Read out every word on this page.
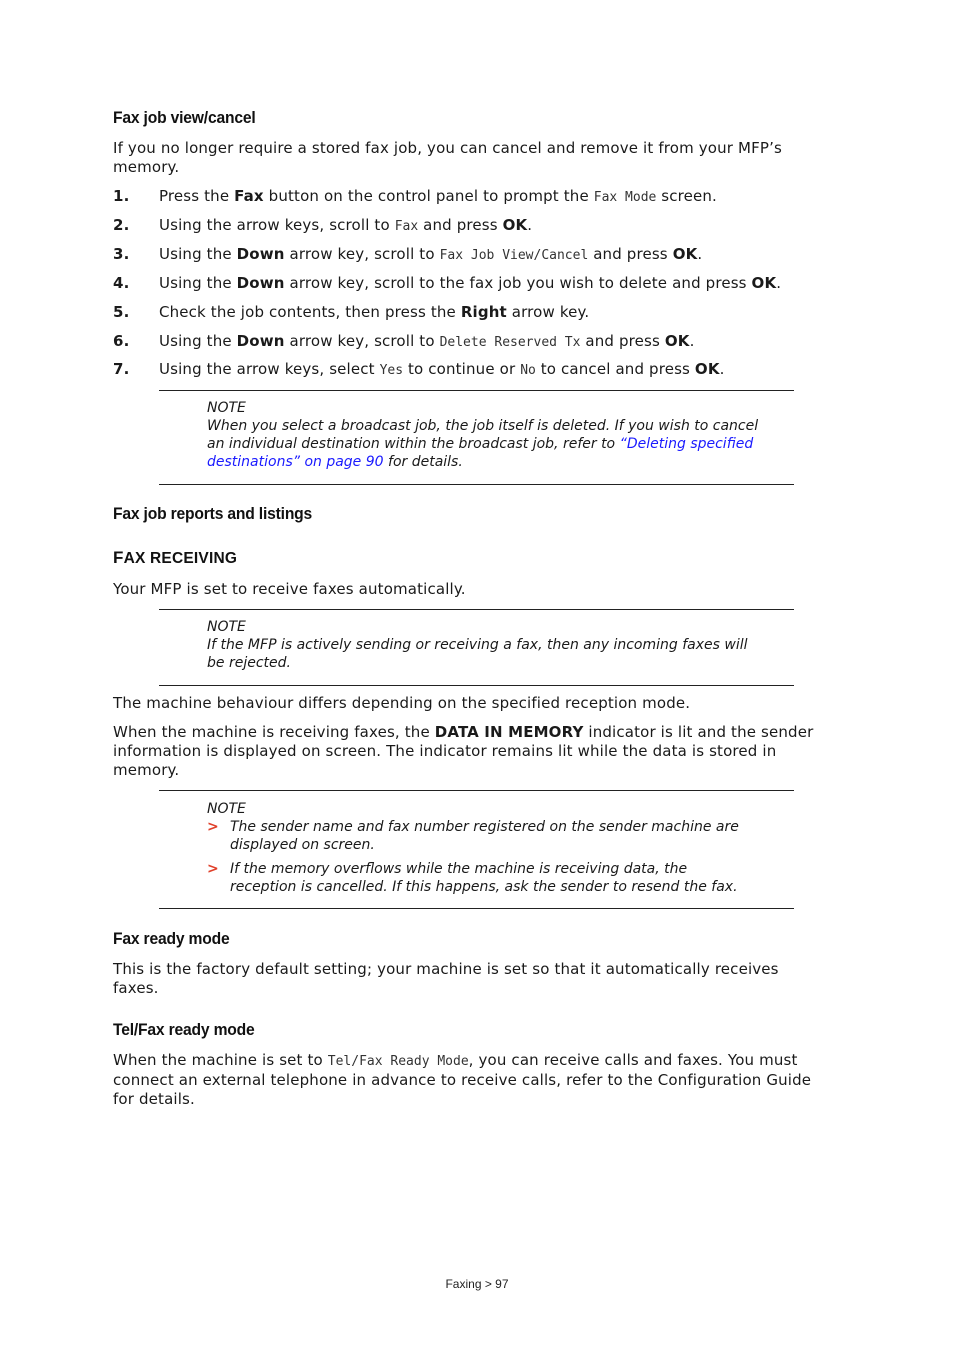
Fax job view/cancel
If you no longer require a stored fax job, you can cancel and remove it from your MFP’s memory.
1. Press the Fax button on the control panel to prompt the Fax Mode screen.
2. Using the arrow keys, scroll to Fax and press OK.
3. Using the Down arrow key, scroll to Fax Job View/Cancel and press OK.
4. Using the Down arrow key, scroll to the fax job you wish to delete and press OK.
5. Check the job contents, then press the Right arrow key.
6. Using the Down arrow key, scroll to Delete Reserved Tx and press OK.
7. Using the arrow keys, select Yes to continue or No to cancel and press OK.
NOTE
When you select a broadcast job, the job itself is deleted. If you wish to cancel
an individual destination within the broadcast job, refer to “Deleting specified
destinations” on page 90 for details.
Fax job reports and listings
FAX RECEIVING
Your MFP is set to receive faxes automatically.
NOTE
If the MFP is actively sending or receiving a fax, then any incoming faxes will
be rejected.
The machine behaviour differs depending on the specified reception mode.
When the machine is receiving faxes, the DATA IN MEMORY indicator is lit and the sender
information is displayed on screen. The indicator remains lit while the data is stored in
memory.
NOTE
> The sender name and fax number registered on the sender machine are
displayed on screen.
> If the memory overflows while the machine is receiving data, the
reception is cancelled. If this happens, ask the sender to resend the fax.
Fax ready mode
This is the factory default setting; your machine is set so that it automatically receives
faxes.
Tel/Fax ready mode
When the machine is set to Tel/Fax Ready Mode, you can receive calls and faxes. You must
connect an external telephone in advance to receive calls, refer to the Configuration Guide
for details.
Faxing > 97
